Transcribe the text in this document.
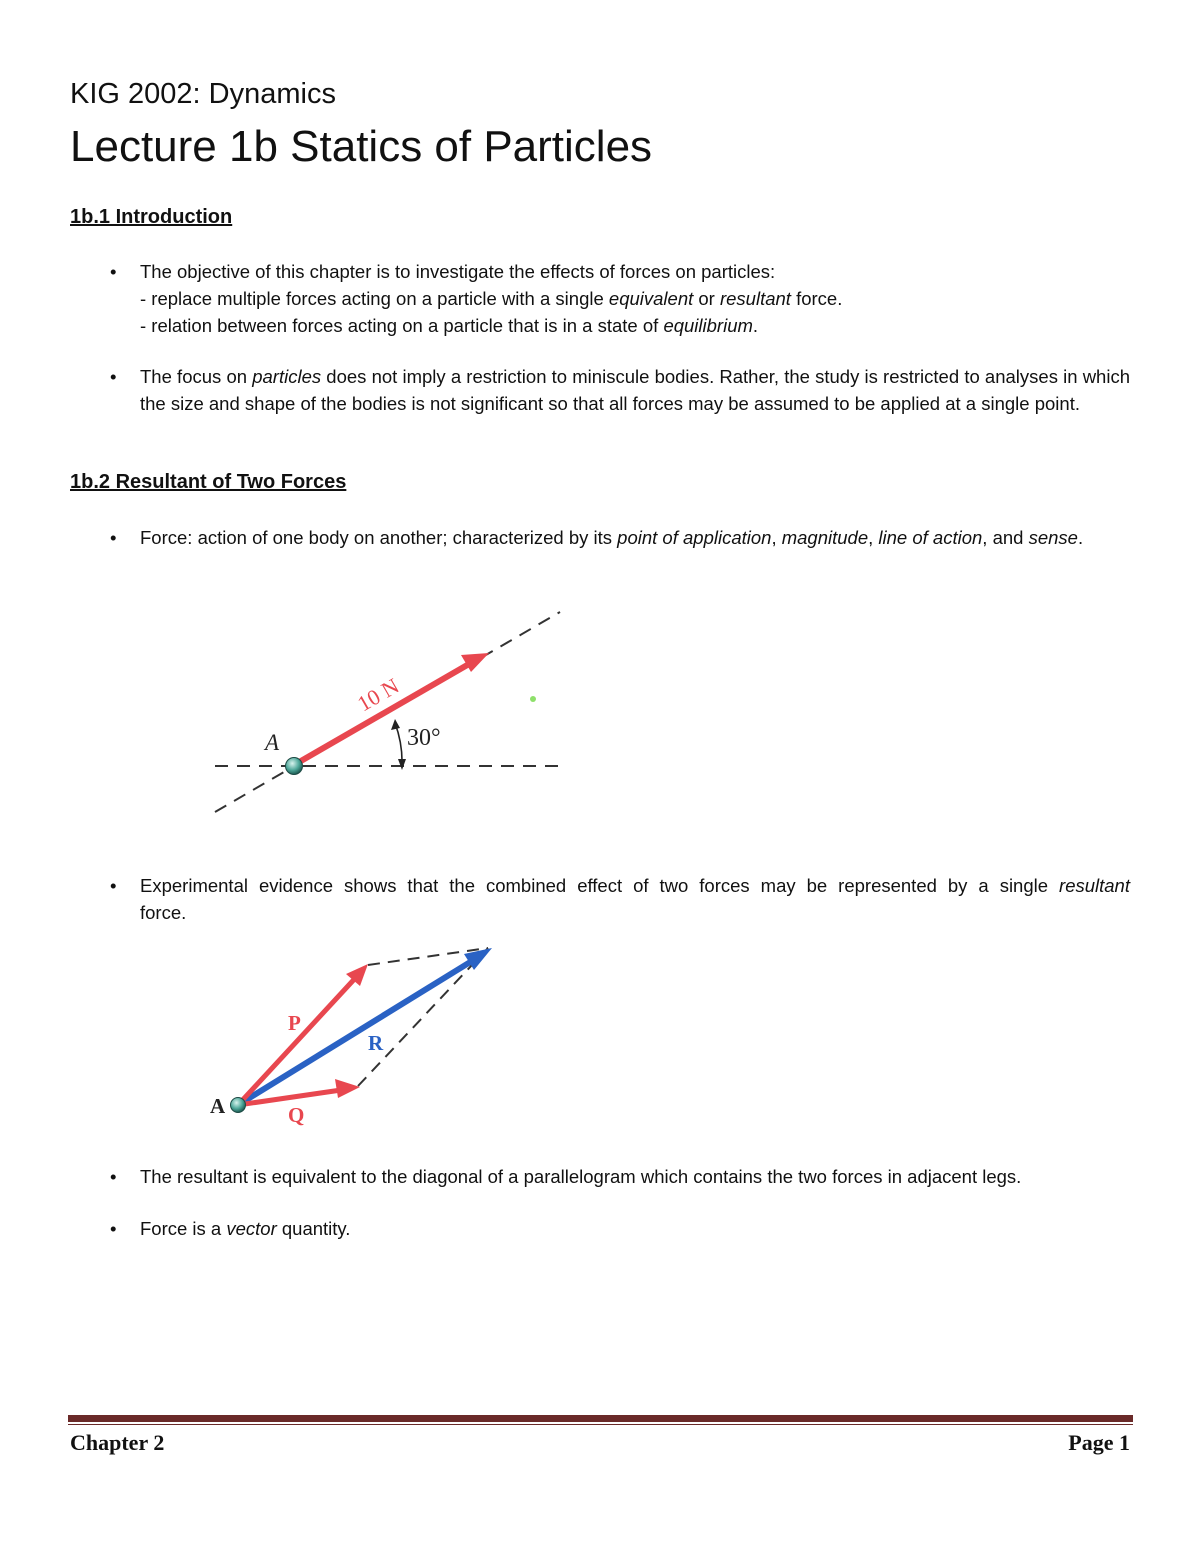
KIG 2002: Dynamics
Lecture 1b Statics of Particles
1b.1 Introduction
• The objective of this chapter is to investigate the effects of forces on particles:
- replace multiple forces acting on a particle with a single equivalent or resultant force.
- relation between forces acting on a particle that is in a state of equilibrium.
• The focus on particles does not imply a restriction to miniscule bodies. Rather, the study is restricted to analyses in which the size and shape of the bodies is not significant so that all forces may be assumed to be applied at a single point.
1b.2 Resultant of Two Forces
• Force: action of one body on another; characterized by its point of application, magnitude, line of action, and sense.
30°
A
10 N
• Experimental evidence shows that the combined effect of two forces may be represented by a single resultant
force.
P
R
Q
A
• The resultant is equivalent to the diagonal of a parallelogram which contains the two forces in adjacent legs.
• Force is a vector quantity.
Chapter 2	Page 1
